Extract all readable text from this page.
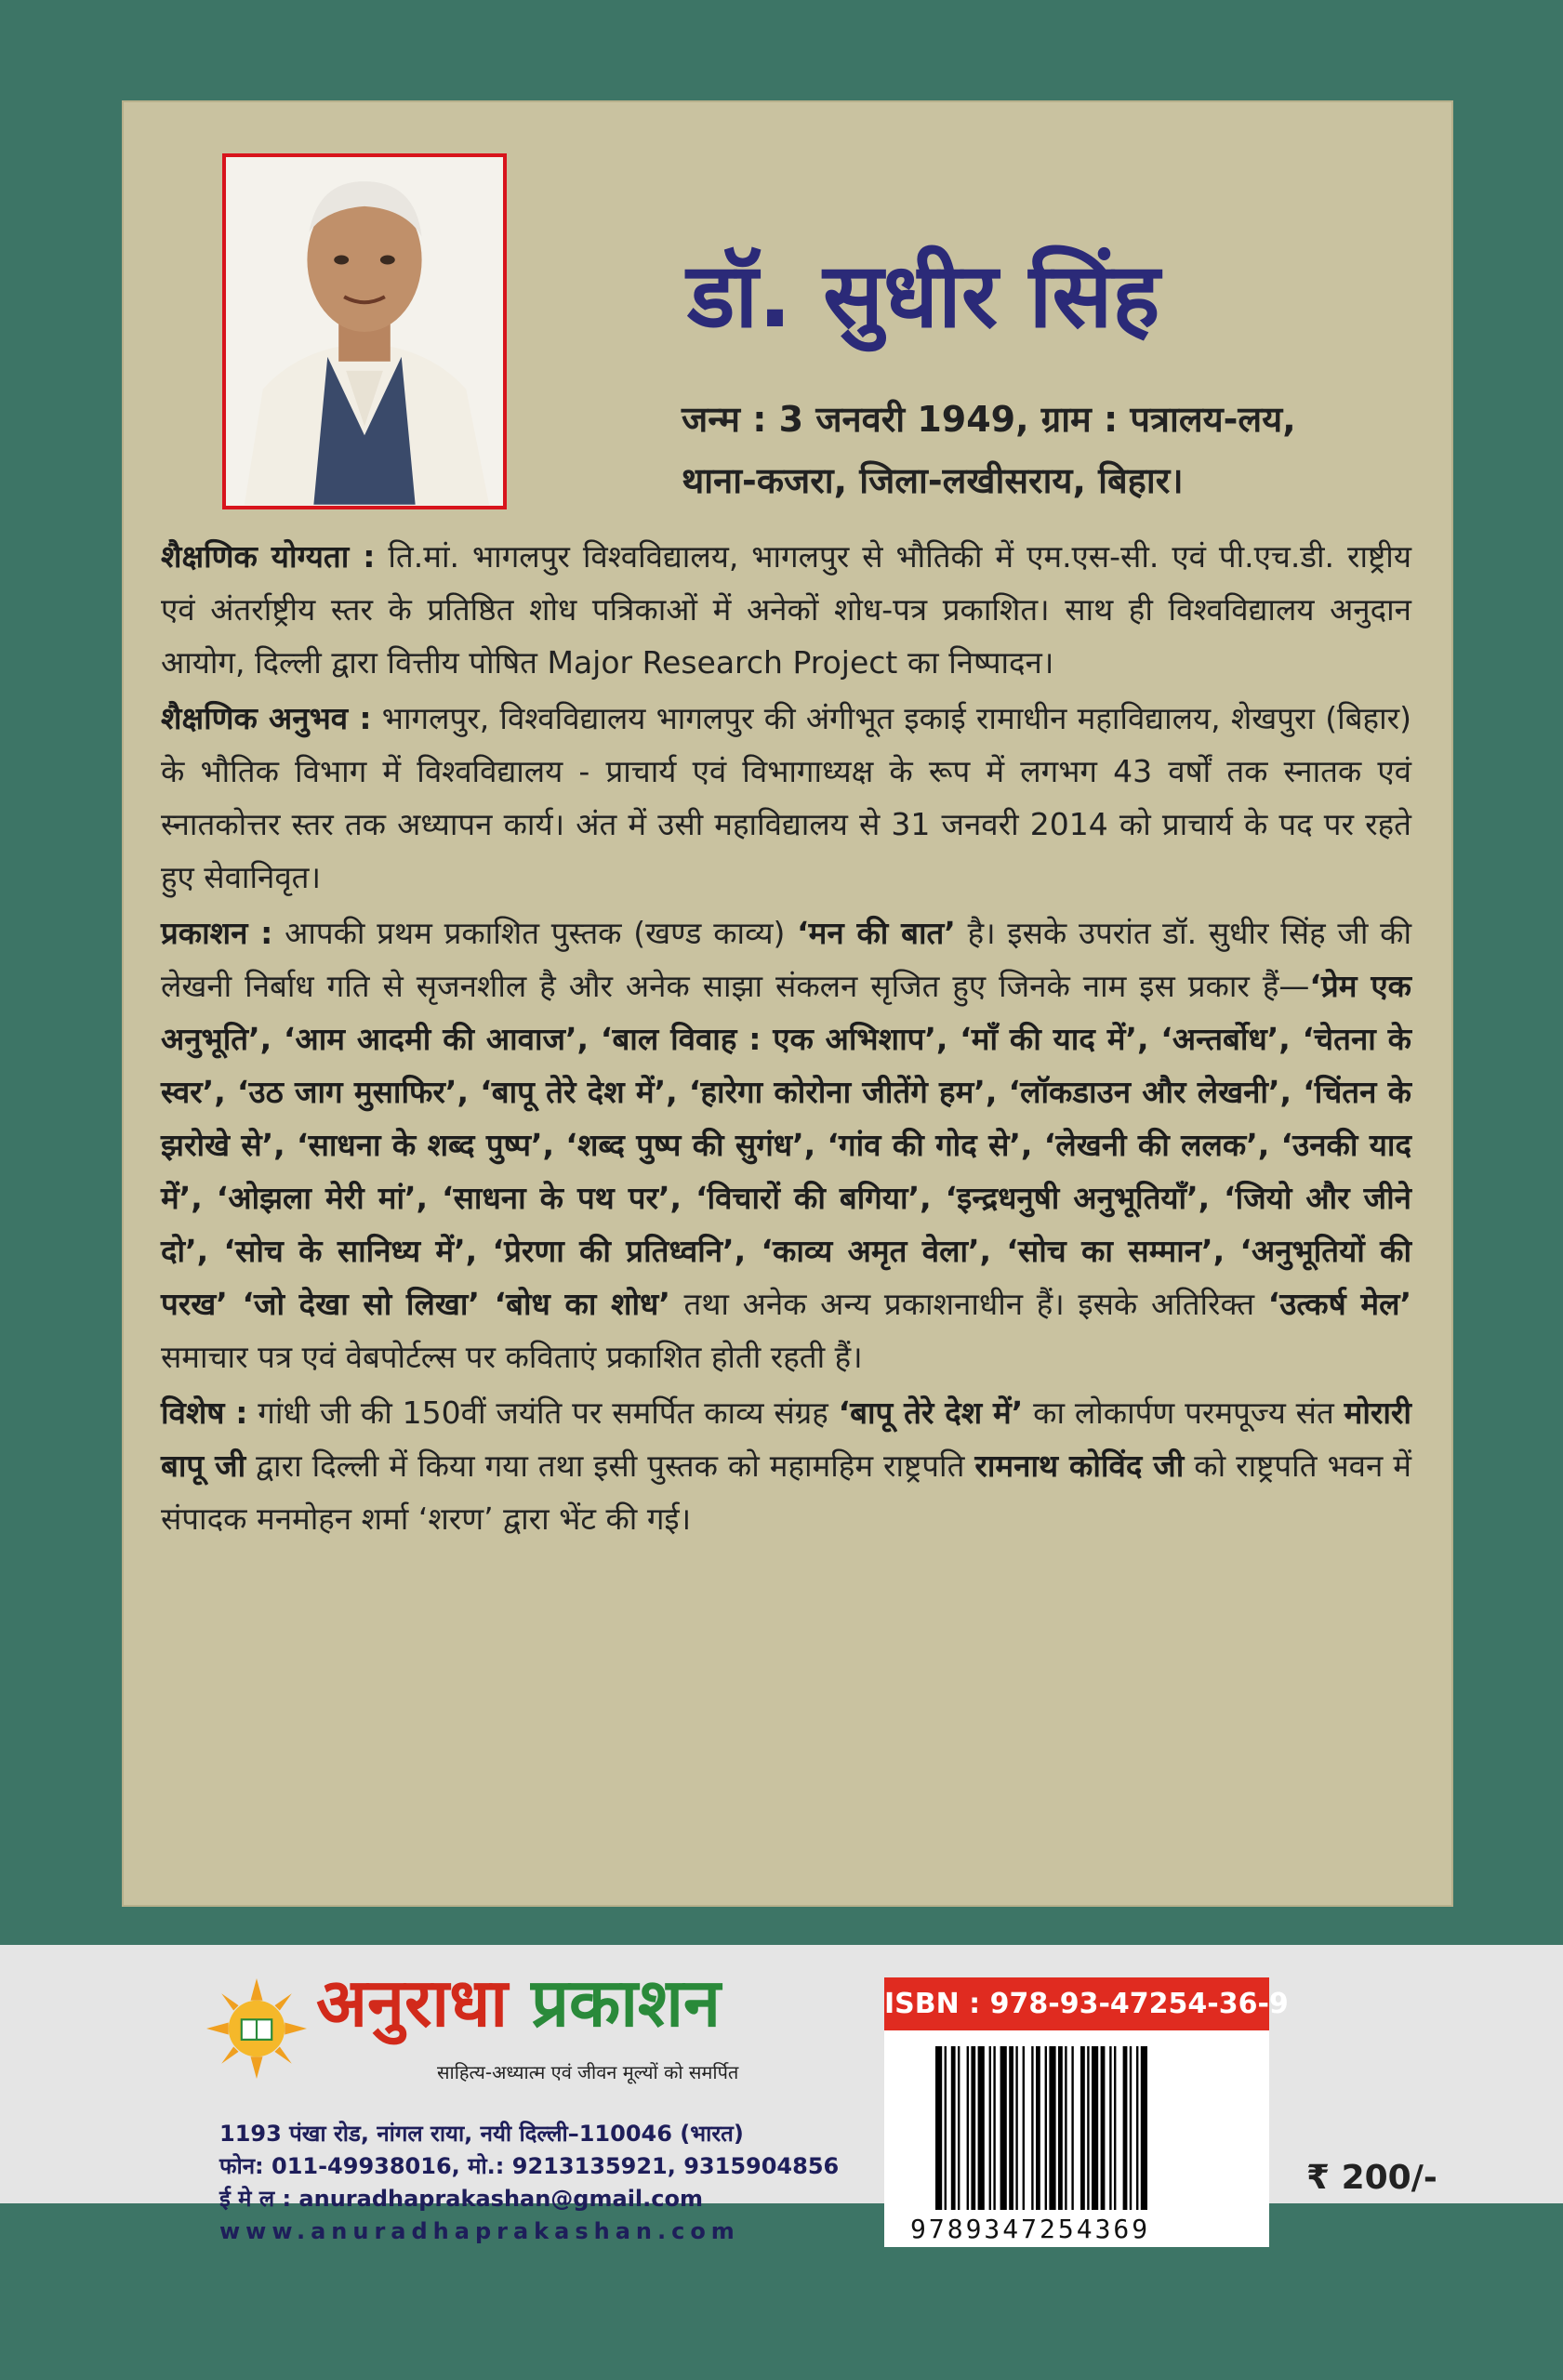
डॉ. सुधीर सिंह
जन्म : 3 जनवरी 1949, ग्राम : पत्रालय-लय,
थाना-कजरा, जिला-लखीसराय, बिहार।

शैक्षणिक योग्यता : ति.मां. भागलपुर विश्वविद्यालय, भागलपुर से भौतिकी में एम.एस-सी. एवं पी.एच.डी. राष्ट्रीय एवं अंतर्राष्ट्रीय स्तर के प्रतिष्ठित शोध पत्रिकाओं में अनेकों शोध-पत्र प्रकाशित। साथ ही विश्वविद्यालय अनुदान आयोग, दिल्ली द्वारा वित्तीय पोषित Major Research Project का निष्पादन।

शैक्षणिक अनुभव : भागलपुर, विश्वविद्यालय भागलपुर की अंगीभूत इकाई रामाधीन महाविद्यालय, शेखपुरा (बिहार) के भौतिक विभाग में विश्वविद्यालय - प्राचार्य एवं विभागाध्यक्ष के रूप में लगभग 43 वर्षों तक स्नातक एवं स्नातकोत्तर स्तर तक अध्यापन कार्य। अंत में उसी महाविद्यालय से 31 जनवरी 2014 को प्राचार्य के पद पर रहते हुए सेवानिवृत।

प्रकाशन : आपकी प्रथम प्रकाशित पुस्तक (खण्ड काव्य) ‘मन की बात’ है। इसके उपरांत डॉ. सुधीर सिंह जी की लेखनी निर्बाध गति से सृजनशील है और अनेक साझा संकलन सृजित हुए जिनके नाम इस प्रकार हैं—‘प्रेम एक अनुभूति’, ‘आम आदमी की आवाज’, ‘बाल विवाह : एक अभिशाप’, ‘माँ की याद में’, ‘अन्तर्बोध’, ‘चेतना के स्वर’, ‘उठ जाग मुसाफिर’, ‘बापू तेरे देश में’, ‘हारेगा कोरोना जीतेंगे हम’, ‘लॉकडाउन और लेखनी’, ‘चिंतन के झरोखे से’, ‘साधना के शब्द पुष्प’, ‘शब्द पुष्प की सुगंध’, ‘गांव की गोद से’, ‘लेखनी की ललक’, ‘उनकी याद में’, ‘ओझला मेरी मां’, ‘साधना के पथ पर’, ‘विचारों की बगिया’, ‘इन्द्रधनुषी अनुभूतियाँ’, ‘जियो और जीने दो’, ‘सोच के सानिध्य में’, ‘प्रेरणा की प्रतिध्वनि’, ‘काव्य अमृत वेला’, ‘सोच का सम्मान’, ‘अनुभूतियों की परख’ ‘जो देखा सो लिखा’ ‘बोध का शोध’ तथा अनेक अन्य प्रकाशनाधीन हैं। इसके अतिरिक्त ‘उत्कर्ष मेल’ समाचार पत्र एवं वेबपोर्टल्स पर कविताएं प्रकाशित होती रहती हैं।

विशेष : गांधी जी की 150वीं जयंति पर समर्पित काव्य संग्रह ‘बापू तेरे देश में’ का लोकार्पण परमपूज्य संत मोरारी बापू जी द्वारा दिल्ली में किया गया तथा इसी पुस्तक को महामहिम राष्ट्रपति रामनाथ कोविंद जी को राष्ट्रपति भवन में संपादक मनमोहन शर्मा ‘शरण’ द्वारा भेंट की गई।

अनुराधा प्रकाशन
साहित्य-अध्यात्म एवं जीवन मूल्यों को समर्पित
1193 पंखा रोड, नांगल राया, नयी दिल्ली–110046 (भारत)
फोन: 011-49938016, मो.: 9213135921, 9315904856
ई मे ल : anuradhaprakashan@gmail.com
www.anuradhaprakashan.com
ISBN : 978-93-47254-36-9
9789347254369
₹ 200/-
